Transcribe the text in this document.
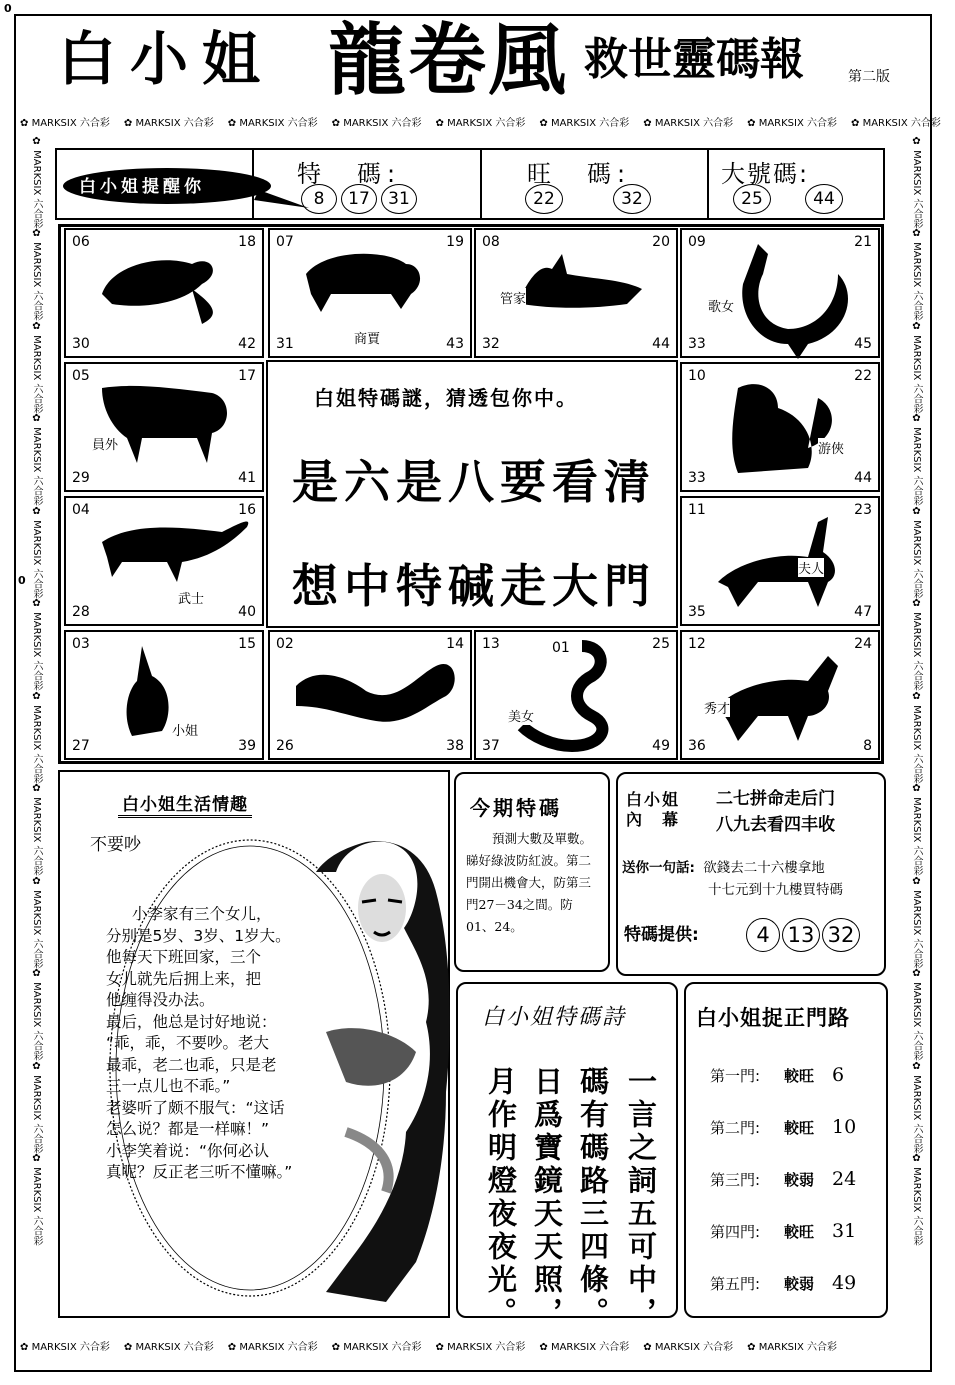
0
0
白小姐 龍卷風 救世靈碼報	第二版
✿ MARKSIX 六合彩 ✿ MARKSIX 六合彩 ✿ MARKSIX 六合彩 ✿ MARKSIX 六合彩 ✿ MARKSIX 六合彩 ✿ MARKSIX 六合彩 ✿ MARKSIX 六合彩 ✿ MARKSIX 六合彩 ✿ MARKSIX 六合彩
✿ MARKSIX 六合彩 ✿ MARKSIX 六合彩 ✿ MARKSIX 六合彩 ✿ MARKSIX 六合彩 ✿ MARKSIX 六合彩 ✿ MARKSIX 六合彩 ✿ MARKSIX 六合彩 ✿ MARKSIX 六合彩
✿ MARKSIX 六合彩✿ MARKSIX 六合彩✿ MARKSIX 六合彩✿ MARKSIX 六合彩✿ MARKSIX 六合彩✿ MARKSIX 六合彩✿ MARKSIX 六合彩✿ MARKSIX 六合彩✿ MARKSIX 六合彩✿ MARKSIX 六合彩✿ MARKSIX 六合彩✿ MARKSIX 六合彩
✿ MARKSIX 六合彩✿ MARKSIX 六合彩✿ MARKSIX 六合彩✿ MARKSIX 六合彩✿ MARKSIX 六合彩✿ MARKSIX 六合彩✿ MARKSIX 六合彩✿ MARKSIX 六合彩✿ MARKSIX 六合彩✿ MARKSIX 六合彩✿ MARKSIX 六合彩✿ MARKSIX 六合彩
白小姐提醒你	特　碼:
8	17	31
旺　碼:
22	32
大號碼:
25	44
白姐特碼謎，猜透包你中。
是六是八要看清
想中特碱走大門
06	18
30	42
07	19
31	43
商賈
08	20
32	44
管家
09	21
33	45
歌女
05	17
29	41
員外
10	22
33	44
游俠
04	16
28	40
武士
11	23
35	47
夫人
03	15
27	39
小姐
02	14
26	38
13	25
37	49
01
美女
12	24
36	8
秀才
白小姐生活情趣
不要吵
小李家有三个女儿，
分别是5岁、3岁、1岁大。
他每天下班回家，三个
女儿就先后拥上来，把
他缠得没办法。
最后，他总是讨好地说：
“乖，乖，不要吵。老大
最乖，老二也乖，只是老
三一点儿也不乖。”
老婆听了颇不服气：“这话
怎么说？都是一样嘛！”
小李笑着说：“你何必认
真呢？反正老三听不懂嘛。”
今期特碼
預測大數及單數。睇好綠波防紅波。第二門開出機會大，防第三門27－34之間。防01、24。
白小姐
內　幕
二七拼命走后门
八九去看四丰收
送你一句話: 欲錢去二十六樓拿地
十七元到十九樓買特碼
特碼提供:	4 13 32
白小姐特碼詩
一言之詞五可中，
碼有碼路三四條。
日爲寶鏡天天照，
月作明燈夜夜光。
白小姐捉正門路
第一門: 較旺 6
第二門: 較旺 10
第三門: 較弱 24
第四門: 較旺 31
第五門: 較弱 49
